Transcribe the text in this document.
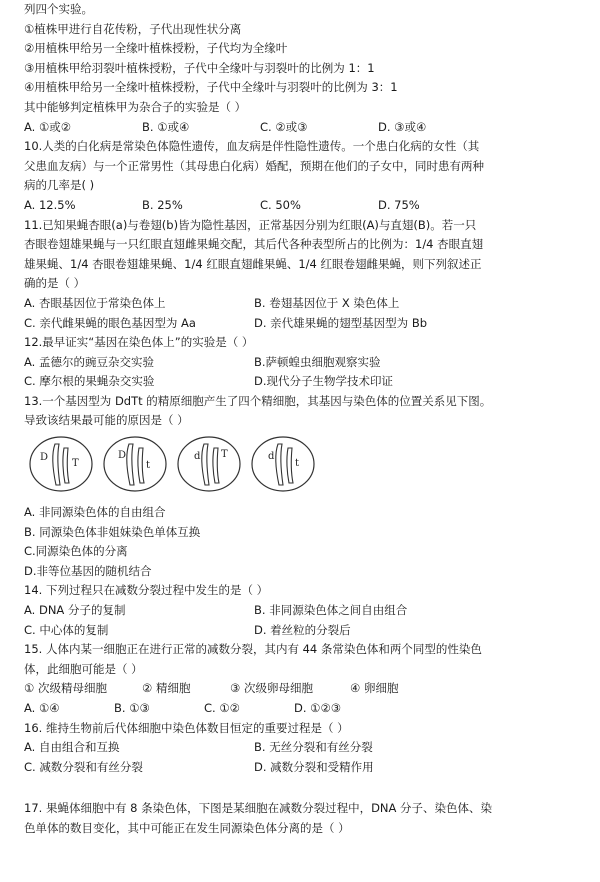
列四个实验。
①植株甲进行自花传粉，子代出现性状分离
②用植株甲给另一全缘叶植株授粉，子代均为全缘叶
③用植株甲给羽裂叶植株授粉，子代中全缘叶与羽裂叶的比例为 1：1
④用植株甲给另一全缘叶植株授粉，子代中全缘叶与羽裂叶的比例为 3：1
其中能够判定植株甲为杂合子的实验是（ ）
A. ①或②	B. ①或④	C. ②或③	D. ③或④
10.人类的白化病是常染色体隐性遗传，血友病是伴性隐性遗传。一个患白化病的女性（其
父患血友病）与一个正常男性（其母患白化病）婚配，预期在他们的子女中，同时患有两种
病的几率是( )
A. 12.5%	B. 25%	C. 50%	D. 75%
11.已知果蝇杏眼(a)与卷翅(b)皆为隐性基因，正常基因分别为红眼(A)与直翅(B)。若一只
杏眼卷翅雄果蝇与一只红眼直翅雌果蝇交配，其后代各种表型所占的比例为：1/4 杏眼直翅
雄果蝇、1/4 杏眼卷翅雄果蝇、1/4 红眼直翅雌果蝇、1/4 红眼卷翅雌果蝇，则下列叙述正
确的是（ ）
A. 杏眼基因位于常染色体上	B. 卷翅基因位于 X 染色体上
C. 亲代雌果蝇的眼色基因型为 Aa	D. 亲代雄果蝇的翅型基因型为 Bb
12.最早证实“基因在染色体上”的实验是（ ）
A. 孟德尔的豌豆杂交实验	B.萨顿蝗虫细胞观察实验
C. 摩尔根的果蝇杂交实验	D.现代分子生物学技术印证
13.一个基因型为 DdTt 的精原细胞产生了四个精细胞，其基因与染色体的位置关系见下图。
导致该结果最可能的原因是（ ）
D
T
D
t
d T	d
t
A. 非同源染色体的自由组合
B. 同源染色体非姐妹染色单体互换
C.同源染色体的分离
D.非等位基因的随机结合
14. 下列过程只在减数分裂过程中发生的是（ ）
A. DNA 分子的复制	B. 非同源染色体之间自由组合
C. 中心体的复制	D. 着丝粒的分裂后
15. 人体内某一细胞正在进行正常的减数分裂，其内有 44 条常染色体和两个同型的性染色
体，此细胞可能是（ ）
① 次级精母细胞	② 精细胞	③ 次级卵母细胞	④ 卵细胞
A. ①④	B. ①③	C. ①②	D. ①②③
16. 维持生物前后代体细胞中染色体数目恒定的重要过程是（ ）
A. 自由组合和互换	B. 无丝分裂和有丝分裂
C. 减数分裂和有丝分裂	D. 减数分裂和受精作用
17. 果蝇体细胞中有 8 条染色体，下图是某细胞在减数分裂过程中，DNA 分子、染色体、染
色单体的数目变化，其中可能正在发生同源染色体分离的是（ ）
